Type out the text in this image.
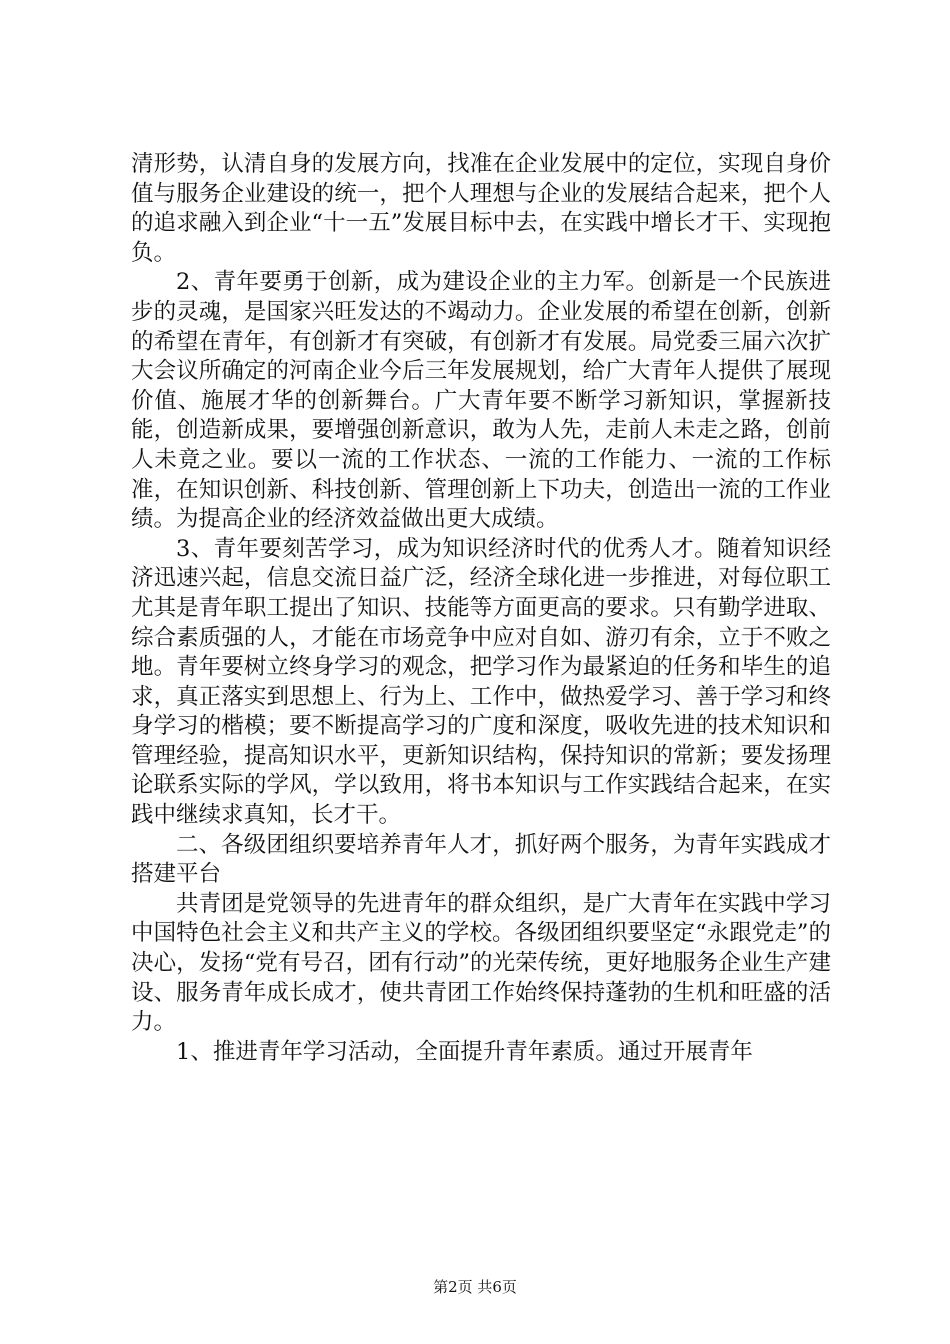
清形势，认清自身的发展方向，找准在企业发展中的定位，实现自身价值与服务企业建设的统一，把个人理想与企业的发展结合起来，把个人的追求融入到企业“十一五”发展目标中去，在实践中增长才干、实现抱负。

2、青年要勇于创新，成为建设企业的主力军。创新是一个民族进步的灵魂，是国家兴旺发达的不竭动力。企业发展的希望在创新，创新的希望在青年，有创新才有突破，有创新才有发展。局党委三届六次扩大会议所确定的河南企业今后三年发展规划，给广大青年人提供了展现价值、施展才华的创新舞台。广大青年要不断学习新知识，掌握新技能，创造新成果，要增强创新意识，敢为人先，走前人未走之路，创前人未竟之业。要以一流的工作状态、一流的工作能力、一流的工作标准，在知识创新、科技创新、管理创新上下功夫，创造出一流的工作业绩。为提高企业的经济效益做出更大成绩。

3、青年要刻苦学习，成为知识经济时代的优秀人才。随着知识经济迅速兴起，信息交流日益广泛，经济全球化进一步推进，对每位职工尤其是青年职工提出了知识、技能等方面更高的要求。只有勤学进取、综合素质强的人，才能在市场竞争中应对自如、游刃有余，立于不败之地。青年要树立终身学习的观念，把学习作为最紧迫的任务和毕生的追求，真正落实到思想上、行为上、工作中，做热爱学习、善于学习和终身学习的楷模；要不断提高学习的广度和深度，吸收先进的技术知识和管理经验，提高知识水平，更新知识结构，保持知识的常新；要发扬理论联系实际的学风，学以致用，将书本知识与工作实践结合起来，在实践中继续求真知，长才干。

二、各级团组织要培养青年人才，抓好两个服务，为青年实践成才搭建平台

共青团是党领导的先进青年的群众组织，是广大青年在实践中学习中国特色社会主义和共产主义的学校。各级团组织要坚定“永跟党走”的决心，发扬“党有号召，团有行动”的光荣传统，更好地服务企业生产建设、服务青年成长成才，使共青团工作始终保持蓬勃的生机和旺盛的活力。

1、推进青年学习活动，全面提升青年素质。通过开展青年

第2页 共6页
